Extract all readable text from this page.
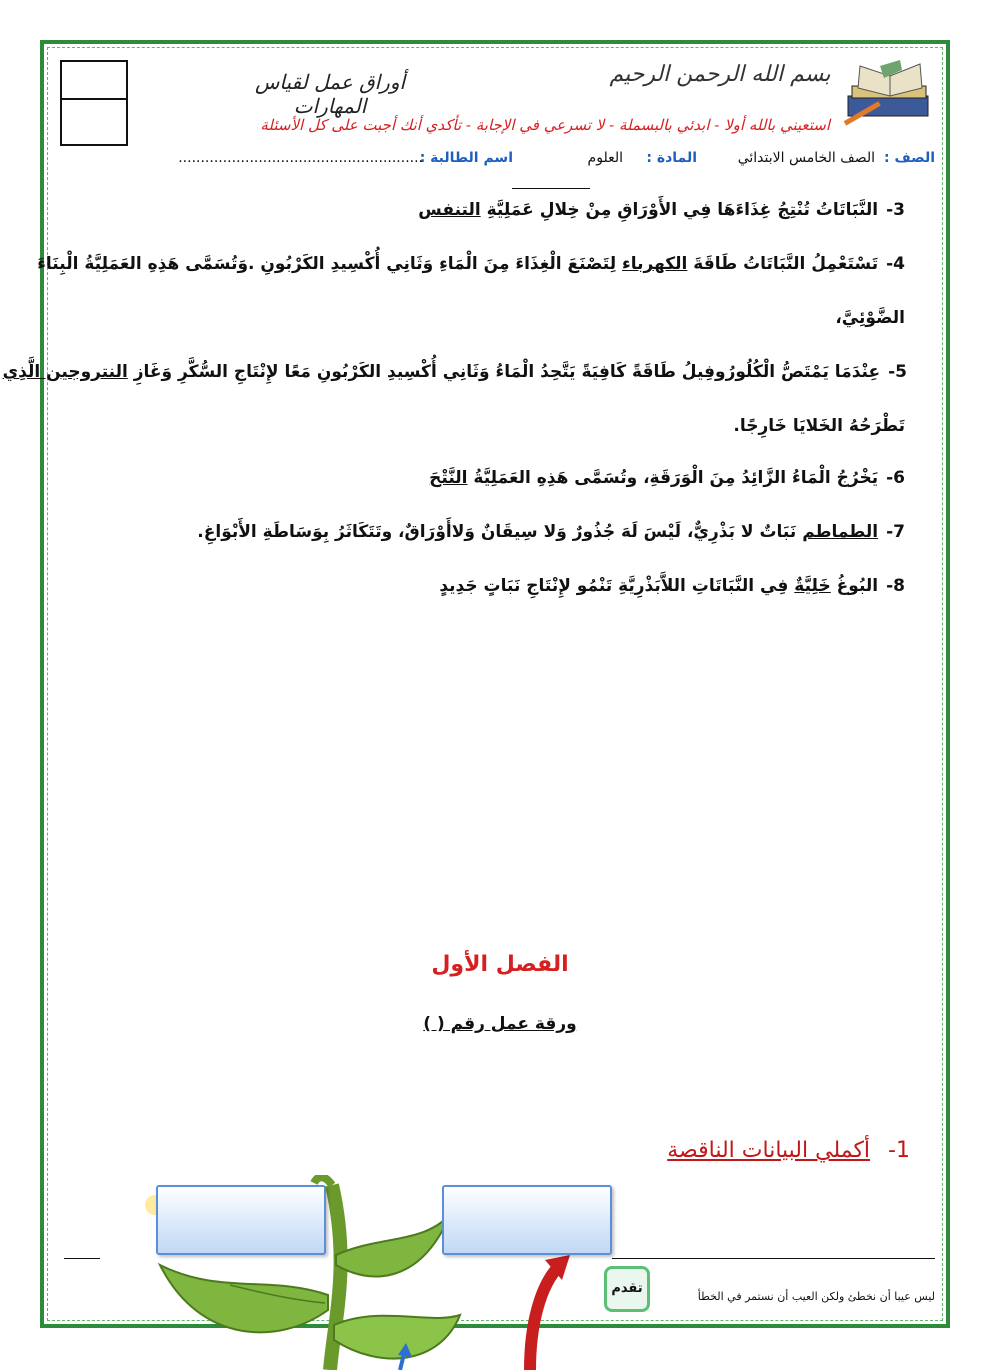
أوراق عمل لقياس المهارات
بسم الله الرحمن الرحيم
استعيني بالله أولا - ابدئي بالبسملة - لا تسرعي في الإجابة - تأكدي أنك أجبت على كل الأسئلة
الصف :
الصف الخامس الابتدائي
المادة :
العلوم
اسم الطالبة :
.......................................................
3-النَّبَاتَاتُ تُنْتِجُ غِذَاءَهَا فِي الأَوْرَاقِ مِنْ خِلالِ عَمَلِيَّةِ التنفس
4-تَسْتَعْمِلُ النَّبَاتَاتُ طَاقَةَ الكهرباء لِتَصْنَعَ الْغِذَاءَ مِنَ الْمَاءِ وَثَانِي أُكْسِيدِ الكَرْبُونِ .وَتُسَمَّى هَذِهِ العَمَلِيَّةُ الْبِنَاءَ
الضَّوْئِيَّ،
5-عِنْدَمَا يَمْتَصُّ الْكُلُورُوفِيلُ طَاقَةً كَافِيَةً يَتَّحِدُ الْمَاءُ وَثَانِي أُكْسِيدِ الكَرْبُونِ مَعًا لإِنْتَاجِ السُّكَّرِ وَغَازِ النتروجين الَّذِي
تَطْرَحُهُ الخَلايَا خَارِجًا.
6-يَخْرُجُ الْمَاءُ الزَّائِدُ مِنَ الْوَرَقَةِ، وتُسَمَّى هَذِهِ العَمَلِيَّةُ النَّتْحَ
7-الطماطم نَبَاتٌ لا بَذْرِيٌّ، لَيْسَ لَهَ جُذُورٌ وَلا سِيقَانٌ وَلاأَوْرَاقٌ، وتَتَكَاثَرُ بِوَسَاطَةِ الأَبْوَاغِ.
8-البُوغُ خَلِيَّةٌ فِي النَّبَاتَاتِ اللاَّبَذْرِيَّةِ تَنْمُو لإِنْتَاجِ نَبَاتٍ جَدِيدٍ
الفصل الأول
ورقة عمل رقم ( )
1-أكملي البيانات الناقصة
تقدم
ليس عيبا أن نخطئ ولكن العيب أن نستمر في الخطأ
